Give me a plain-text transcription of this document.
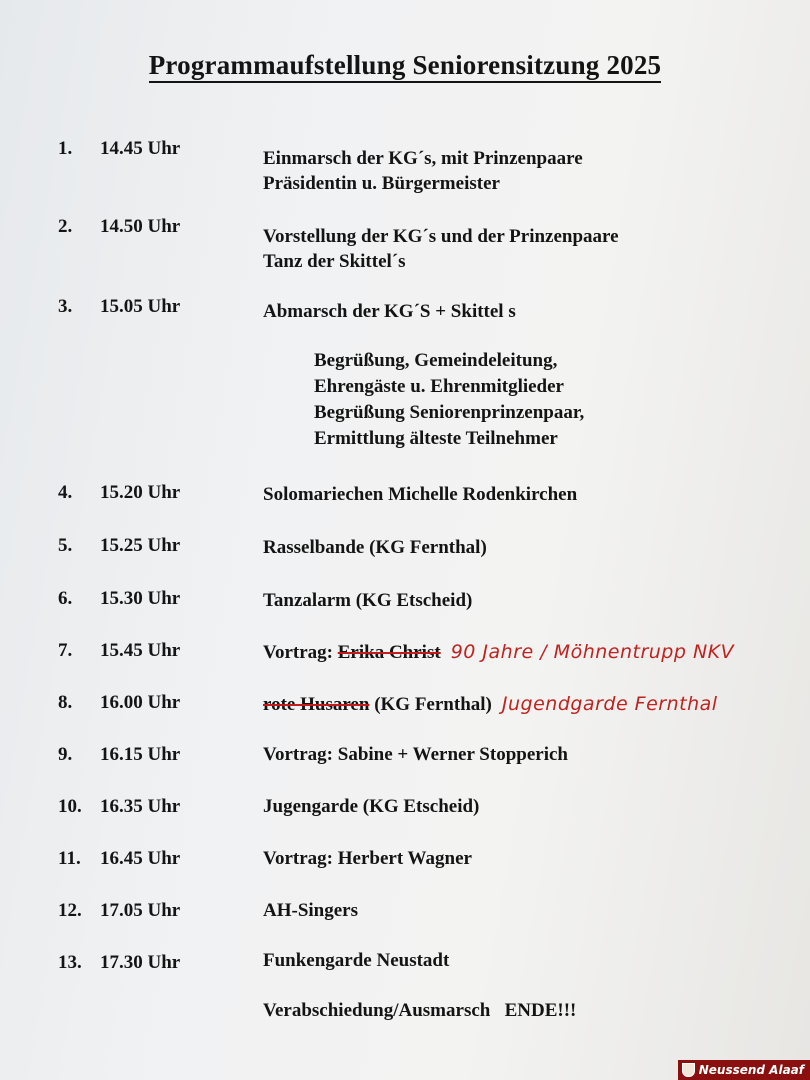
Programmaufstellung Seniorensitzung 2025
1. 14.45 Uhr	Einmarsch der KG´s, mit Prinzenpaare
Präsidentin u. Bürgermeister
2. 14.50 Uhr	Vorstellung der KG´s und der Prinzenpaare
Tanz der Skittel´s
3. 15.05 Uhr	Abmarsch der KG´S + Skittel s
Begrüßung, Gemeindeleitung,
Ehrengäste u. Ehrenmitglieder
Begrüßung Seniorenprinzenpaar,
Ermittlung älteste Teilnehmer
4. 15.20 Uhr	Solomariechen Michelle Rodenkirchen
5. 15.25 Uhr	Rasselbande (KG Fernthal)
6. 15.30 Uhr	Tanzalarm (KG Etscheid)
7. 15.45 Uhr	Vortrag: Erika Christ 90 Jahre / Möhnentrupp NKV
8. 16.00 Uhr	rote Husaren (KG Fernthal) Jugendgarde Fernthal
9. 16.15 Uhr	Vortrag: Sabine + Werner Stopperich
10. 16.35 Uhr	Jugengarde (KG Etscheid)
11. 16.45 Uhr	Vortrag: Herbert Wagner
12. 17.05 Uhr	AH-Singers
13. 17.30 Uhr	Funkengarde Neustadt
Verabschiedung/Ausmarsch   ENDE!!!
Neussend Alaaf
